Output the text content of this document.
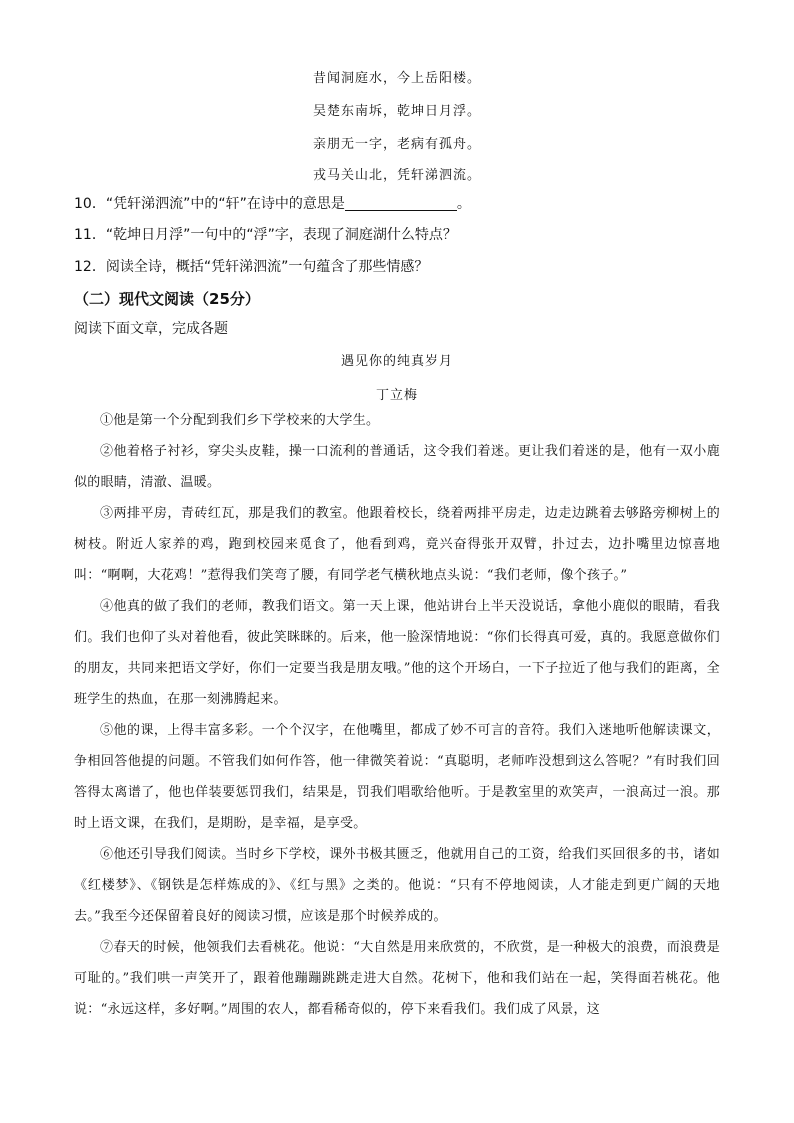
昔闻洞庭水，今上岳阳楼。
吴楚东南坼，乾坤日月浮。
亲朋无一字，老病有孤舟。
戎马关山北，凭轩涕泗流。
10．“凭轩涕泗流”中的“轩”在诗中的意思是	。
11．“乾坤日月浮”一句中的“浮”字，表现了洞庭湖什么特点？
12．阅读全诗，概括“凭轩涕泗流”一句蕴含了那些情感？
（二）现代文阅读（25分）
阅读下面文章，完成各题
遇见你的纯真岁月
丁立梅

①他是第一个分配到我们乡下学校来的大学生。

②他着格子衬衫，穿尖头皮鞋，操一口流利的普通话，这令我们着迷。更让我们着迷的是，他有一双小鹿似的眼睛，清澈、温暖。

③两排平房，青砖红瓦，那是我们的教室。他跟着校长，绕着两排平房走，边走边跳着去够路旁柳树上的树枝。附近人家养的鸡，跑到校园来觅食了，他看到鸡，竟兴奋得张开双臂，扑过去，边扑嘴里边惊喜地叫：“啊啊，大花鸡！”惹得我们笑弯了腰，有同学老气横秋地点头说：“我们老师，像个孩子。”

④他真的做了我们的老师，教我们语文。第一天上课，他站讲台上半天没说话，拿他小鹿似的眼睛，看我们。我们也仰了头对着他看，彼此笑眯眯的。后来，他一脸深情地说：“你们长得真可爱，真的。我愿意做你们的朋友，共同来把语文学好，你们一定要当我是朋友哦。”他的这个开场白，一下子拉近了他与我们的距离，全班学生的热血，在那一刻沸腾起来。

⑤他的课，上得丰富多彩。一个个汉字，在他嘴里，都成了妙不可言的音符。我们入迷地听他解读课文，争相回答他提的问题。不管我们如何作答，他一律微笑着说：“真聪明，老师咋没想到这么答呢？”有时我们回答得太离谱了，他也佯装要惩罚我们，结果是，罚我们唱歌给他听。于是教室里的欢笑声，一浪高过一浪。那时上语文课，在我们，是期盼，是幸福，是享受。

⑥他还引导我们阅读。当时乡下学校，课外书极其匮乏，他就用自己的工资，给我们买回很多的书，诸如《红楼梦》、《钢铁是怎样炼成的》、《红与黑》之类的。他说：“只有不停地阅读，人才能走到更广阔的天地去。”我至今还保留着良好的阅读习惯，应该是那个时候养成的。

⑦春天的时候，他领我们去看桃花。他说：“大自然是用来欣赏的，不欣赏，是一种极大的浪费，而浪费是可耻的。”我们哄一声笑开了，跟着他蹦蹦跳跳走进大自然。花树下，他和我们站在一起，笑得面若桃花。他说：“永远这样，多好啊。”周围的农人，都看稀奇似的，停下来看我们。我们成了风景，这
